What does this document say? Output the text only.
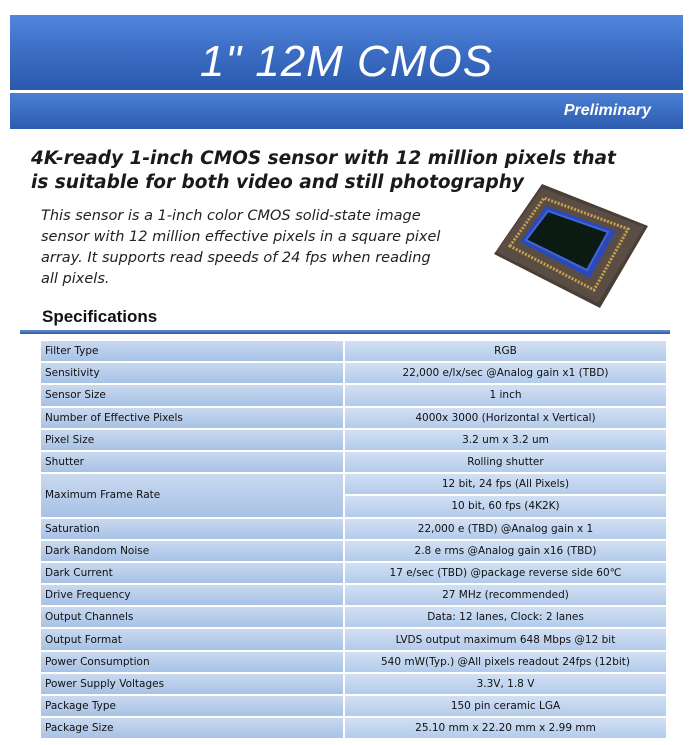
1" 12M CMOS
Preliminary
4K-ready 1-inch CMOS sensor with 12 million pixels that is suitable for both video and still photography
This sensor is a 1-inch color CMOS solid-state image sensor with 12 million effective pixels in a square pixel array. It supports read speeds of 24 fps when reading all pixels.
Specifications
Filter Type	RGB
Sensitivity	22,000 e/lx/sec @Analog gain x1 (TBD)
Sensor Size	1 inch
Number of Effective Pixels	4000x 3000 (Horizontal x Vertical)
Pixel Size	3.2 um x 3.2 um
Shutter	Rolling shutter
Maximum Frame Rate	12 bit, 24 fps (All Pixels)
	10 bit, 60 fps (4K2K)
Saturation	22,000 e (TBD) @Analog gain x 1
Dark Random Noise	2.8 e rms @Analog gain x16 (TBD)
Dark Current	17 e/sec (TBD) @package reverse side 60℃
Drive Frequency	27 MHz (recommended)
Output Channels	Data: 12 lanes, Clock: 2 lanes
Output Format	LVDS output maximum 648 Mbps @12 bit
Power Consumption	540 mW(Typ.) @All pixels readout 24fps (12bit)
Power Supply Voltages	3.3V, 1.8 V
Package Type	150 pin ceramic LGA
Package Size	25.10 mm x 22.20 mm x 2.99 mm
